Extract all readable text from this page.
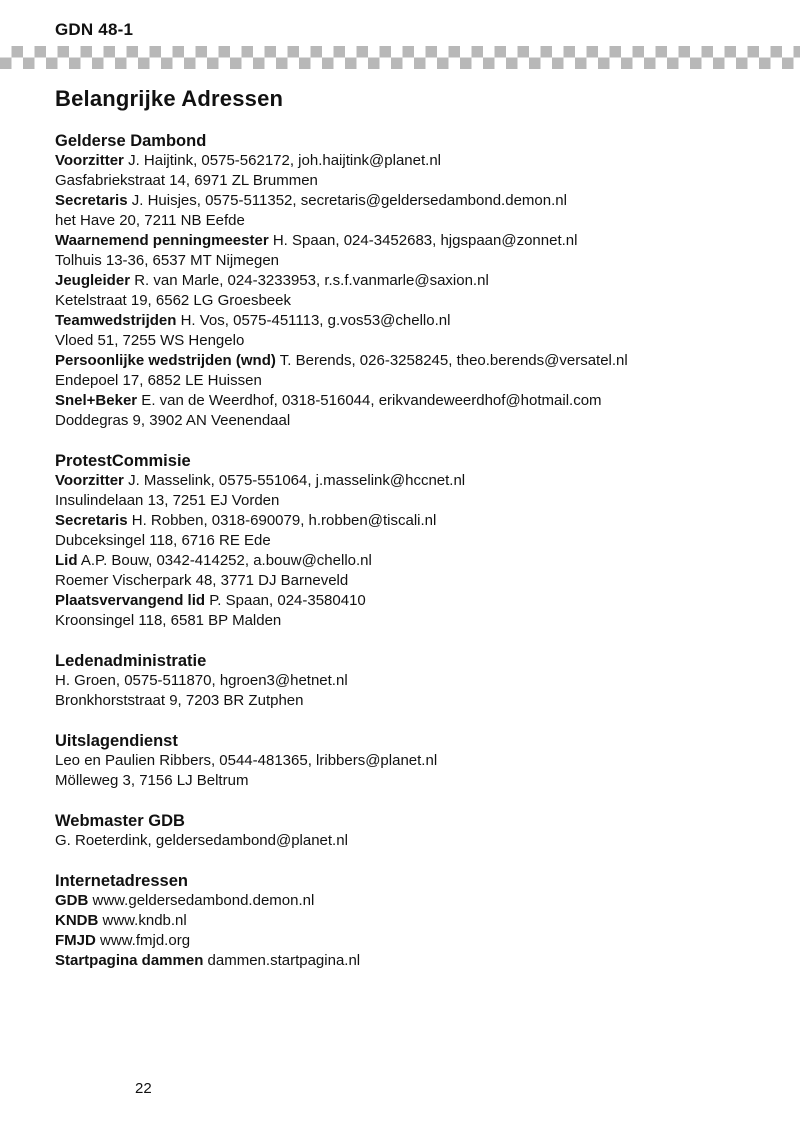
GDN 48-1
Belangrijke Adressen
Gelderse Dambond
Voorzitter J. Haijtink, 0575-562172, joh.haijtink@planet.nl
Gasfabriekstraat 14, 6971 ZL Brummen
Secretaris J. Huisjes, 0575-511352, secretaris@geldersedambond.demon.nl
het Have 20, 7211 NB Eefde
Waarnemend penningmeester H. Spaan, 024-3452683, hjgspaan@zonnet.nl
Tolhuis 13-36, 6537 MT Nijmegen
Jeugleider R. van Marle, 024-3233953, r.s.f.vanmarle@saxion.nl
Ketelstraat 19, 6562 LG Groesbeek
Teamwedstrijden H. Vos, 0575-451113, g.vos53@chello.nl
Vloed 51, 7255 WS Hengelo
Persoonlijke wedstrijden (wnd) T. Berends, 026-3258245, theo.berends@versatel.nl
Endepoel 17, 6852 LE Huissen
Snel+Beker E. van de Weerdhof, 0318-516044, erikvandeweerdhof@hotmail.com
Doddegras 9, 3902 AN Veenendaal
ProtestCommisie
Voorzitter J. Masselink, 0575-551064, j.masselink@hccnet.nl
Insulindelaan 13, 7251 EJ Vorden
Secretaris H. Robben, 0318-690079, h.robben@tiscali.nl
Dubceksingel 118, 6716 RE Ede
Lid A.P. Bouw, 0342-414252, a.bouw@chello.nl
Roemer Vischerpark 48, 3771 DJ Barneveld
Plaatsvervangend lid P. Spaan, 024-3580410
Kroonsingel 118, 6581 BP Malden
Ledenadministratie
H. Groen, 0575-511870, hgroen3@hetnet.nl
Bronkhorststraat 9, 7203 BR Zutphen
Uitslagendienst
Leo en Paulien Ribbers, 0544-481365, lribbers@planet.nl
Mölleweg 3, 7156 LJ Beltrum
Webmaster GDB
G. Roeterdink, geldersedambond@planet.nl
Internetadressen
GDB www.geldersedambond.demon.nl
KNDB www.kndb.nl
FMJD www.fmjd.org
Startpagina dammen dammen.startpagina.nl
22
